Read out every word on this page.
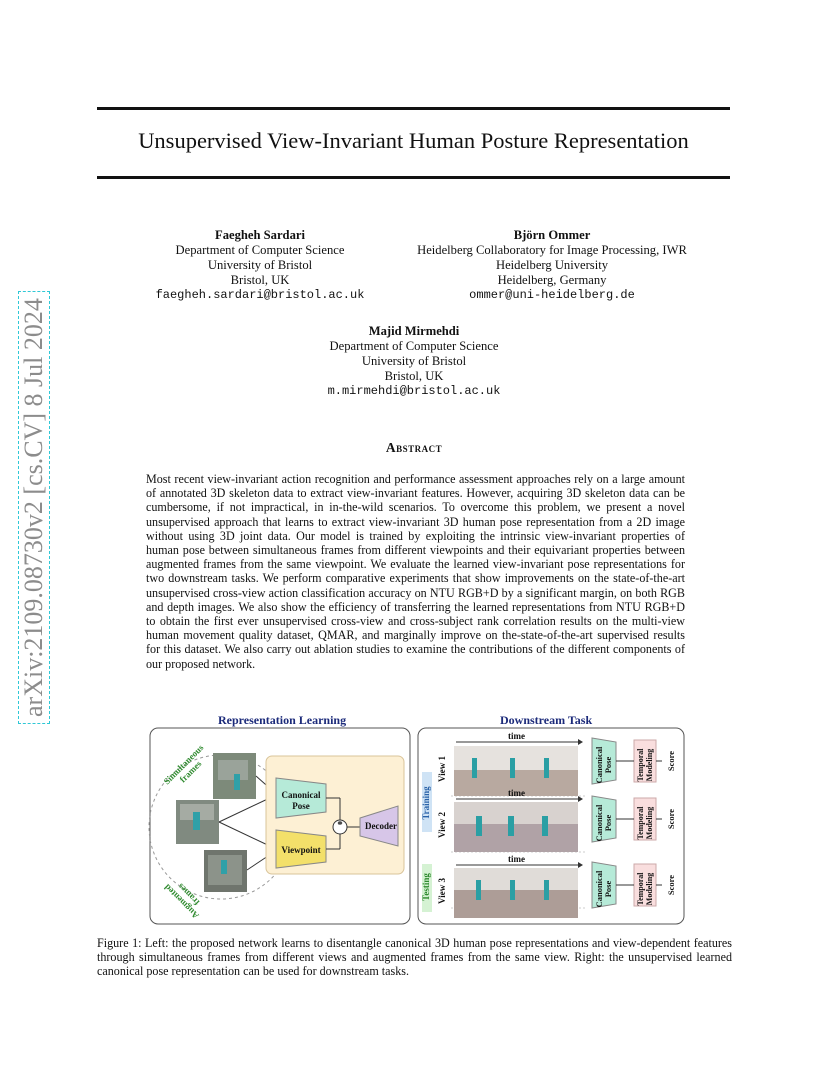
arXiv:2109.08730v2 [cs.CV] 8 Jul 2024
Unsupervised View-Invariant Human Posture Representation
Faegheh Sardari
Department of Computer Science
University of Bristol
Bristol, UK
faegheh.sardari@bristol.ac.uk
Björn Ommer
Heidelberg Collaboratory for Image Processing, IWR
Heidelberg University
Heidelberg, Germany
ommer@uni-heidelberg.de
Majid Mirmehdi
Department of Computer Science
University of Bristol
Bristol, UK
m.mirmehdi@bristol.ac.uk
Abstract
Most recent view-invariant action recognition and performance assessment approaches rely on a large amount of annotated 3D skeleton data to extract view-invariant features. However, acquiring 3D skeleton data can be cumbersome, if not impractical, in in-the-wild scenarios. To overcome this problem, we present a novel unsupervised approach that learns to extract view-invariant 3D human pose representation from a 2D image without using 3D joint data. Our model is trained by exploiting the intrinsic view-invariant properties of human pose between simultaneous frames from different viewpoints and their equivariant properties between augmented frames from the same viewpoint. We evaluate the learned view-invariant pose representations for two downstream tasks. We perform comparative experiments that show improvements on the state-of-the-art unsupervised cross-view action classification accuracy on NTU RGB+D by a significant margin, on both RGB and depth images. We also show the efficiency of transferring the learned representations from NTU RGB+D to obtain the first ever unsupervised cross-view and cross-subject rank correlation results on the multi-view human movement quality dataset, QMAR, and marginally improve on the-state-of-the-art supervised results for this dataset. We also carry out ablation studies to examine the contributions of the different components of our proposed network.
Representation Learning	Downstream Task
Simultaneous frames
Augmented frames
Canonical Pose
Viewpoint
*	Decoder
time
time
time
Training
Testing
View 1
View 2
View 3
Canonical Pose
Canonical Pose
Canonical Pose
Temporal Modeling
Temporal Modeling
Temporal Modeling
Score
Score
Score
Figure 1: Left: the proposed network learns to disentangle canonical 3D human pose representations and view-dependent features through simultaneous frames from different views and augmented frames from the same view. Right: the unsupervised learned canonical pose representation can be used for downstream tasks.
